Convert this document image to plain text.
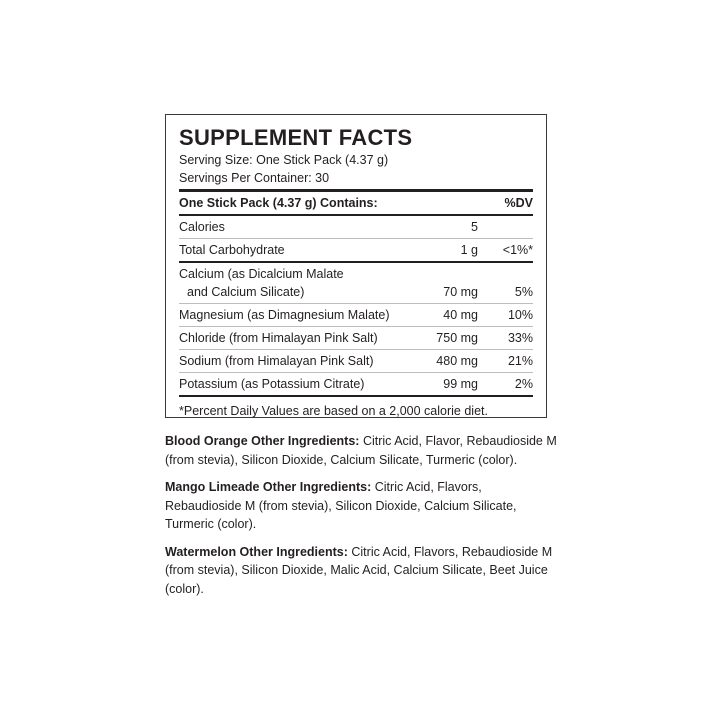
SUPPLEMENT FACTS
Serving Size: One Stick Pack (4.37 g)
Servings Per Container: 30
One Stick Pack (4.37 g) Contains:	%DV
Calories	5
Total Carbohydrate	1 g	<1%*
Calcium (as Dicalcium Malate
and Calcium Silicate)	70 mg	5%
Magnesium (as Dimagnesium Malate)	40 mg	10%
Chloride (from Himalayan Pink Salt)	750 mg	33%
Sodium (from Himalayan Pink Salt)	480 mg	21%
Potassium (as Potassium Citrate)	99 mg	2%
*Percent Daily Values are based on a 2,000 calorie diet.
Blood Orange Other Ingredients: Citric Acid, Flavor, Rebaudioside M (from stevia), Silicon Dioxide, Calcium Silicate, Turmeric (color).
Mango Limeade Other Ingredients: Citric Acid, Flavors, Rebaudioside M (from stevia), Silicon Dioxide, Calcium Silicate, Turmeric (color).
Watermelon Other Ingredients: Citric Acid, Flavors, Rebaudioside M (from stevia), Silicon Dioxide, Malic Acid, Calcium Silicate, Beet Juice (color).
